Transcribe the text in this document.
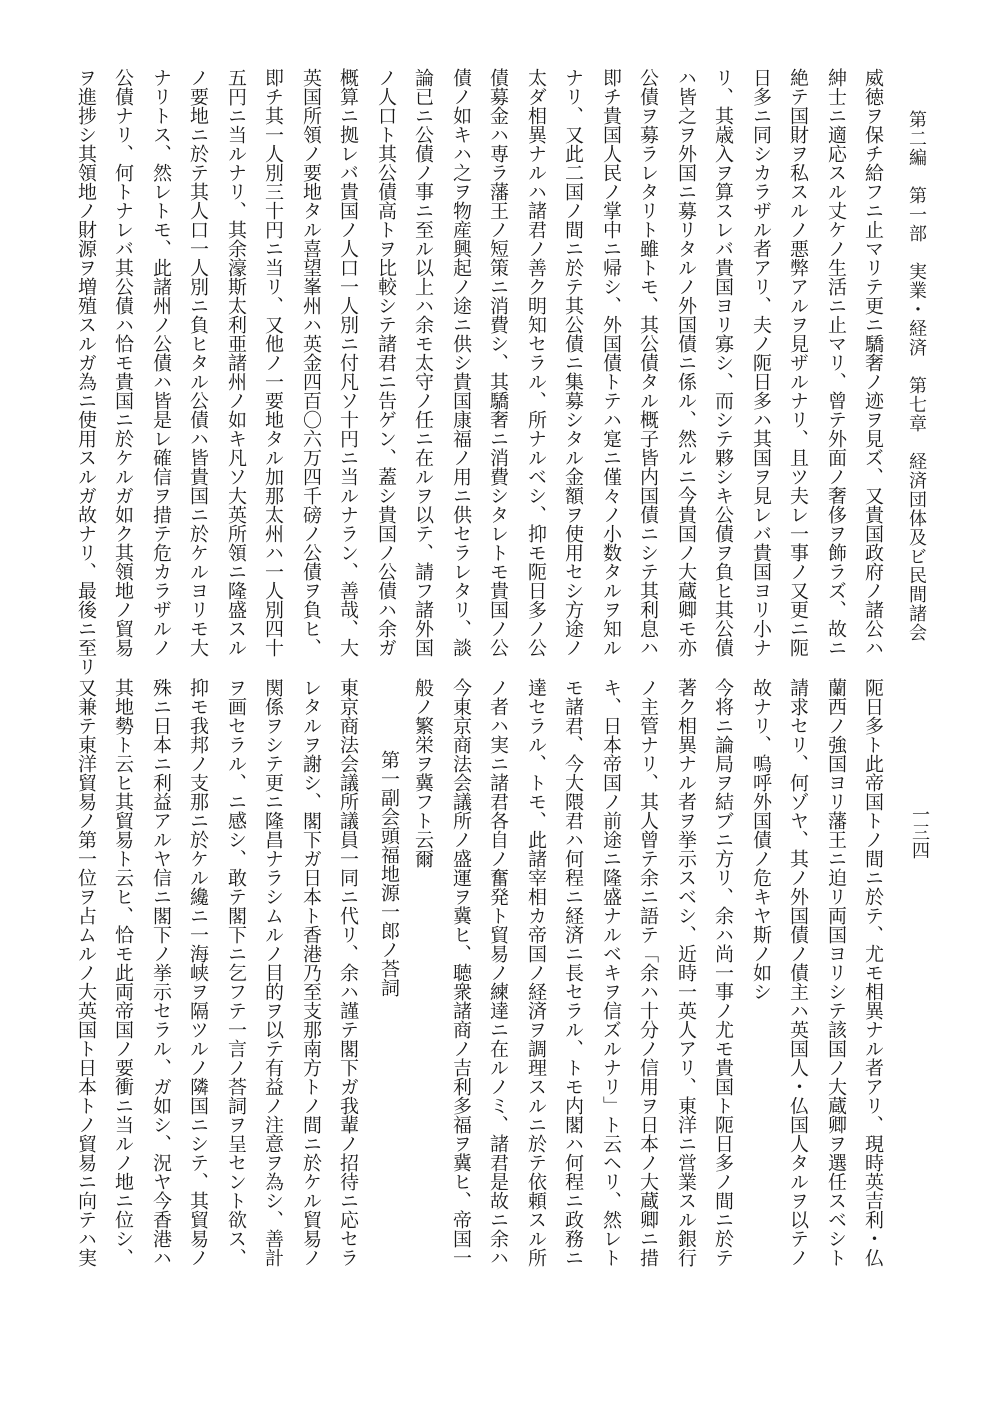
第二編　第一部　実業・経済　第七章　経済団体及ビ民間諸会
一三四
威徳ヲ保チ給フニ止マリテ更ニ驕奢ノ迹ヲ見ズ、又貴国政府ノ諸公ハ
紳士ニ適応スル丈ケノ生活ニ止マリ、曾テ外面ノ奢侈ヲ飾ラズ、故ニ
絶テ国財ヲ私スルノ悪弊アルヲ見ザルナリ、且ツ夫レ一事ノ又更ニ阨
日多ニ同シカラザル者アリ、夫ノ阨日多ハ其国ヲ見レバ貴国ヨリ小ナ
リ、其歳入ヲ算スレバ貴国ヨリ寡シ、而シテ夥シキ公債ヲ負ヒ其公債
ハ皆之ヲ外国ニ募リタルノ外国債ニ係ル、然ルニ今貴国ノ大蔵卿モ亦
公債ヲ募ラレタリト雖トモ、其公債タル概子皆内国債ニシテ其利息ハ
即チ貴国人民ノ掌中ニ帰シ、外国債トテハ寔ニ僅々ノ小数タルヲ知ル
ナリ、又此二国ノ間ニ於テ其公債ニ集募シタル金額ヲ使用セシ方途ノ
太ダ相異ナルハ諸君ノ善ク明知セラル、所ナルベシ、抑モ阨日多ノ公
債募金ハ専ラ藩王ノ短策ニ消費シ、其驕奢ニ消費シタレトモ貴国ノ公
債ノ如キハ之ヲ物産興起ノ途ニ供シ貴国康福ノ用ニ供セラレタリ、談
論已ニ公債ノ事ニ至ル以上ハ余モ太守ノ任ニ在ルヲ以テ、請フ諸外国
ノ人口ト其公債高トヲ比較シテ諸君ニ告ゲン、蓋シ貴国ノ公債ハ余ガ
概算ニ拠レバ貴国ノ人口一人別ニ付凡ソ十円ニ当ルナラン、善哉、大
英国所領ノ要地タル喜望峯州ハ英金四百〇六万四千磅ノ公債ヲ負ヒ、
即チ其一人別三十円ニ当リ、又他ノ一要地タル加那太州ハ一人別四十
五円ニ当ルナリ、其余濠斯太利亜諸州ノ如キ凡ソ大英所領ニ隆盛スル
ノ要地ニ於テ其人口一人別ニ負ヒタル公債ハ皆貴国ニ於ケルヨリモ大
ナリトス、然レトモ、此諸州ノ公債ハ皆是レ確信ヲ措テ危カラザルノ
公債ナリ、何トナレバ其公債ハ恰モ貴国ニ於ケルガ如ク其領地ノ貿易
ヲ進捗シ其領地ノ財源ヲ増殖スルガ為ニ使用スルガ故ナリ、最後ニ至リ
阨日多ト此帝国トノ間ニ於テ、尤モ相異ナル者アリ、現時英吉利・仏
蘭西ノ強国ヨリ藩王ニ迫リ両国ヨリシテ該国ノ大蔵卿ヲ選任スベシト
請求セリ、何ゾヤ、其ノ外国債ノ債主ハ英国人・仏国人タルヲ以テノ
故ナリ、嗚呼外国債ノ危キヤ斯ノ如シ
今将ニ論局ヲ結ブニ方リ、余ハ尚一事ノ尤モ貴国ト阨日多ノ間ニ於テ
著ク相異ナル者ヲ挙示スベシ、近時一英人アリ、東洋ニ営業スル銀行
ノ主管ナリ、其人曾テ余ニ語テ「余ハ十分ノ信用ヲ日本ノ大蔵卿ニ措
キ、日本帝国ノ前途ニ隆盛ナルベキヲ信ズルナリ」ト云ヘリ、然レト
モ諸君、今大隈君ハ何程ニ経済ニ長セラル、トモ内閣ハ何程ニ政務ニ
達セラル、トモ、此諸宰相カ帝国ノ経済ヲ調理スルニ於テ依頼スル所
ノ者ハ実ニ諸君各自ノ奮発ト貿易ノ練達ニ在ルノミ、諸君是故ニ余ハ
今東京商法会議所ノ盛運ヲ冀ヒ、聴衆諸商ノ吉利多福ヲ冀ヒ、帝国一
般ノ繁栄ヲ冀フト云爾
第一副会頭福地源一郎ノ荅詞
東京商法会議所議員一同ニ代リ、余ハ謹テ閣下ガ我輩ノ招待ニ応セラ
レタルヲ謝シ、閣下ガ日本ト香港乃至支那南方トノ間ニ於ケル貿易ノ
関係ヲシテ更ニ隆昌ナラシムルノ目的ヲ以テ有益ノ注意ヲ為シ、善計
ヲ画セラル、ニ感シ、敢テ閣下ニ乞フテ一言ノ荅詞ヲ呈セント欲ス、
抑モ我邦ノ支那ニ於ケル纔ニ一海峡ヲ隔ツルノ隣国ニシテ、其貿易ノ
殊ニ日本ニ利益アルヤ信ニ閣下ノ挙示セラル、ガ如シ、況ヤ今香港ハ
其地勢ト云ヒ其貿易ト云ヒ、恰モ此両帝国ノ要衝ニ当ルノ地ニ位シ、
又兼テ東洋貿易ノ第一位ヲ占ムルノ大英国ト日本トノ貿易ニ向テハ実
